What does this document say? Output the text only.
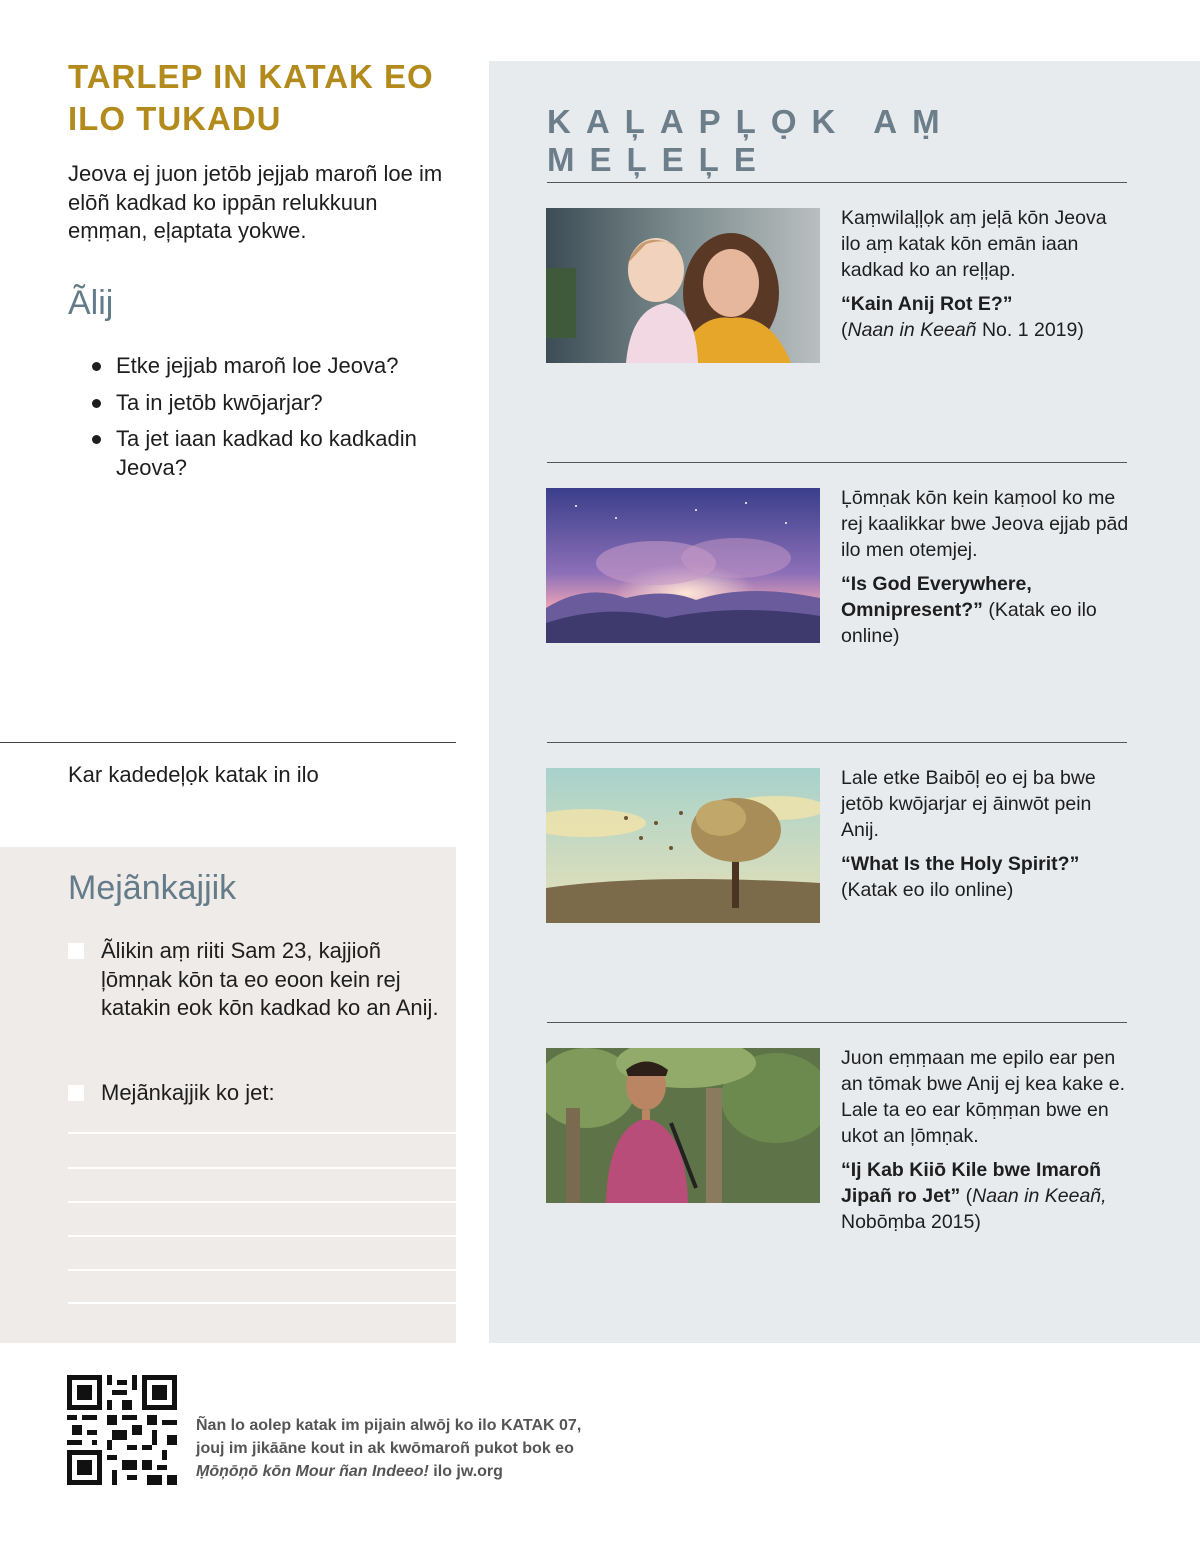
TARLEP IN KATAK EO ILO TUKADU

Jeova ej juon jetōb jejjab maroñ loe im elōñ kadkad ko ippān relukkuun eṃṃan, eļaptata yokwe.

Ãlij
Etke jejjab maroñ loe Jeova?
Ta in jetōb kwōjarjar?
Ta jet iaan kadkad ko kadkadin Jeova?
Kar kadedeļọk katak in ilo
Mejãnkajjik
Ãlikin aṃ riiti Sam 23, kajjioñ ļōmṇak kōn ta eo eoon kein rej katakin eok kōn kadkad ko an Anij.
Mejãnkajjik ko jet:
KAĻAPĻỌK AṂ MEĻEĻE

Kaṃwilaļļọk aṃ jeļā kōn Jeova ilo aṃ katak kōn emān iaan kadkad ko an reļļap.

“Kain Anij Rot E?”
(Naan in Keeañ No. 1 2019)

Ļōmṇak kōn kein kaṃool ko me rej kaalikkar bwe Jeova ejjab pād ilo men otemjej.

“Is God Everywhere, Omnipresent?” (Katak eo ilo online)

Lale etke Baibōļ eo ej ba bwe jetōb kwōjarjar ej āinwōt pein Anij.

“What Is the Holy Spirit?”
(Katak eo ilo online)

Juon eṃṃaan me epilo ear pen an tōmak bwe Anij ej kea kake e. Lale ta eo ear kōṃṃan bwe en ukot an ļōmṇak.

“Ij Kab Kiiō Kile bwe Imaroñ Jipañ ro Jet” (Naan in Keeañ, Nobōṃba 2015)

Ñan lo aolep katak im pijain alwōj ko ilo KATAK 07,
jouj im jikāāne kout in ak kwōmaroñ pukot bok eo
Ṃōņōņō kōn Mour ñan Indeeo! ilo jw.org
